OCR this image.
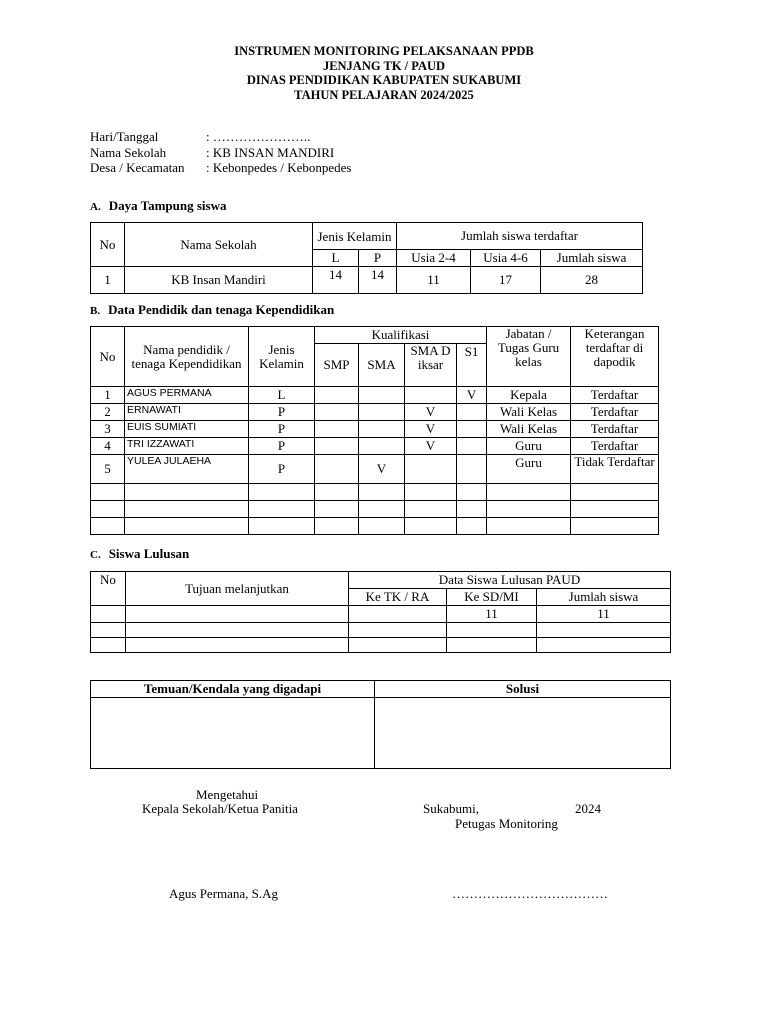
INSTRUMEN MONITORING PELAKSANAAN PPDB
JENJANG TK / PAUD
DINAS PENDIDIKAN KABUPATEN SUKABUMI
TAHUN PELAJARAN 2024/2025
Hari/Tanggal	: …………………..
Nama Sekolah	: KB INSAN MANDIRI
Desa / Kecamatan	: Kebonpedes / Kebonpedes
A. Daya Tampung siswa
No	Nama Sekolah	Jenis Kelamin		Jumlah siswa terdaftar		
		L	P	Usia 2-4	Usia 4-6	Jumlah siswa
1	KB Insan Mandiri	14	14	11	17	28
B. Data Pendidik dan tenaga Kependidikan
No	Nama pendidik / tenaga Kependidikan	Jenis Kelamin	Kualifikasi				Jabatan / Tugas Guru kelas	Keterangan terdaftar di dapodik
			SMP	SMA	SMA Diksar	S1		
1	AGUS PERMANA	L				V	Kepala	Terdaftar
2	ERNAWATI	P			V		Wali Kelas	Terdaftar
3	EUIS SUMIATI	P			V		Wali Kelas	Terdaftar
4	TRI IZZAWATI	P			V		Guru	Terdaftar
5	YULEA JULAEHA	P		V			Guru	Tidak Terdaftar

C. Siswa Lulusan
No	Tujuan melanjutkan	Data Siswa Lulusan PAUD		
		Ke TK / RA	Ke SD/MI	Jumlah siswa
			11	11

Temuan/Kendala yang digadapi	Solusi

Mengetahui
Kepala Sekolah/Ketua Panitia	Sukabumi,	2024
Petugas Monitoring
Agus Permana, S.Ag	………………………………
